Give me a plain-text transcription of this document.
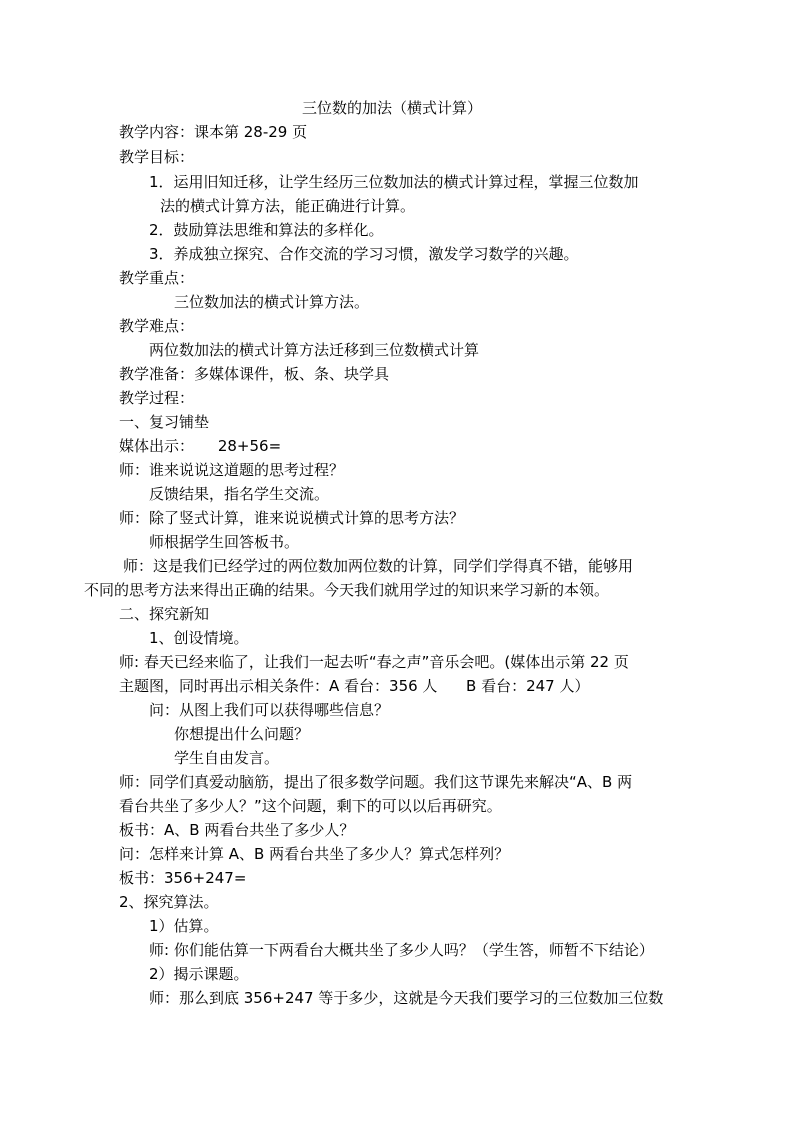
三位数的加法（横式计算）
教学内容：课本第 28-29 页
教学目标：
1．运用旧知迁移，让学生经历三位数加法的横式计算过程，掌握三位数加
法的横式计算方法，能正确进行计算。
2．鼓励算法思维和算法的多样化。
3．养成独立探究、合作交流的学习习惯，激发学习数学的兴趣。
教学重点：
三位数加法的横式计算方法。
教学难点：
两位数加法的横式计算方法迁移到三位数横式计算
教学准备：多媒体课件，板、条、块学具
教学过程：
一、复习铺垫
媒体出示：     28+56=
师：谁来说说这道题的思考过程？
反馈结果，指名学生交流。
师：除了竖式计算，谁来说说横式计算的思考方法？
师根据学生回答板书。
师：这是我们已经学过的两位数加两位数的计算，同学们学得真不错，能够用
不同的思考方法来得出正确的结果。今天我们就用学过的知识来学习新的本领。
二、探究新知
1、创设情境。
师: 春天已经来临了，让我们一起去听“春之声”音乐会吧。(媒体出示第 22 页
主题图，同时再出示相关条件：A 看台：356 人      B 看台：247 人）
问：从图上我们可以获得哪些信息？
你想提出什么问题？
学生自由发言。
师：同学们真爱动脑筋，提出了很多数学问题。我们这节课先来解决“A、B 两
看台共坐了多少人？”这个问题，剩下的可以以后再研究。
板书：A、B 两看台共坐了多少人？
问：怎样来计算 A、B 两看台共坐了多少人？算式怎样列？
板书：356+247=
2、探究算法。
1）估算。
师: 你们能估算一下两看台大概共坐了多少人吗？（学生答，师暂不下结论）
2）揭示课题。
师：那么到底 356+247 等于多少，这就是今天我们要学习的三位数加三位数
